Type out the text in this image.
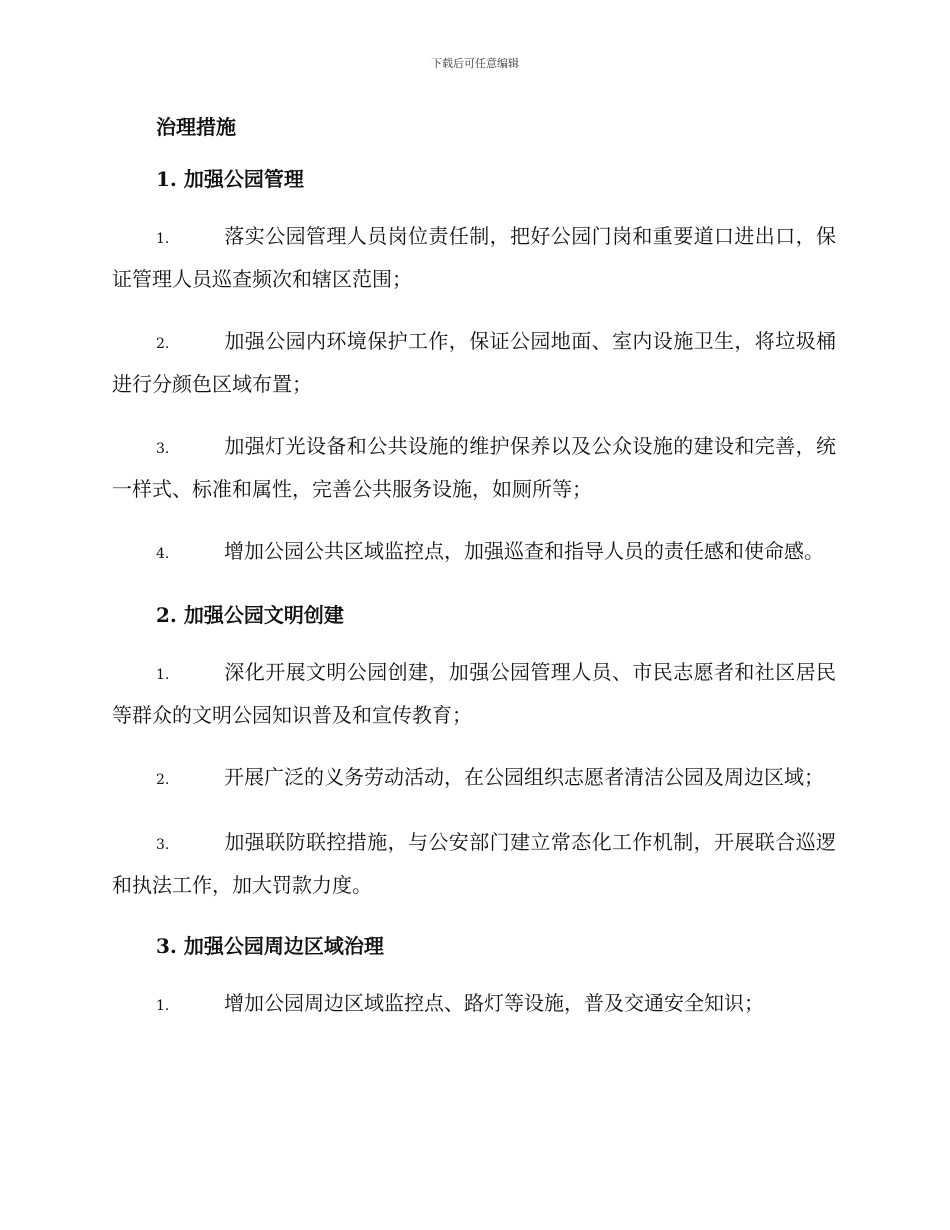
下载后可任意编辑
治理措施
1. 加强公园管理

1.	落实公园管理人员岗位责任制，把好公园门岗和重要道口进出口，保证管理人员巡查频次和辖区范围；

2.	加强公园内环境保护工作，保证公园地面、室内设施卫生，将垃圾桶进行分颜色区域布置；

3.	加强灯光设备和公共设施的维护保养以及公众设施的建设和完善，统一样式、标准和属性，完善公共服务设施，如厕所等；

4.	增加公园公共区域监控点，加强巡查和指导人员的责任感和使命感。

2. 加强公园文明创建

1.	深化开展文明公园创建，加强公园管理人员、市民志愿者和社区居民等群众的文明公园知识普及和宣传教育；

2.	开展广泛的义务劳动活动，在公园组织志愿者清洁公园及周边区域；

3.	加强联防联控措施，与公安部门建立常态化工作机制，开展联合巡逻和执法工作，加大罚款力度。

3. 加强公园周边区域治理

1.	增加公园周边区域监控点、路灯等设施，普及交通安全知识；
